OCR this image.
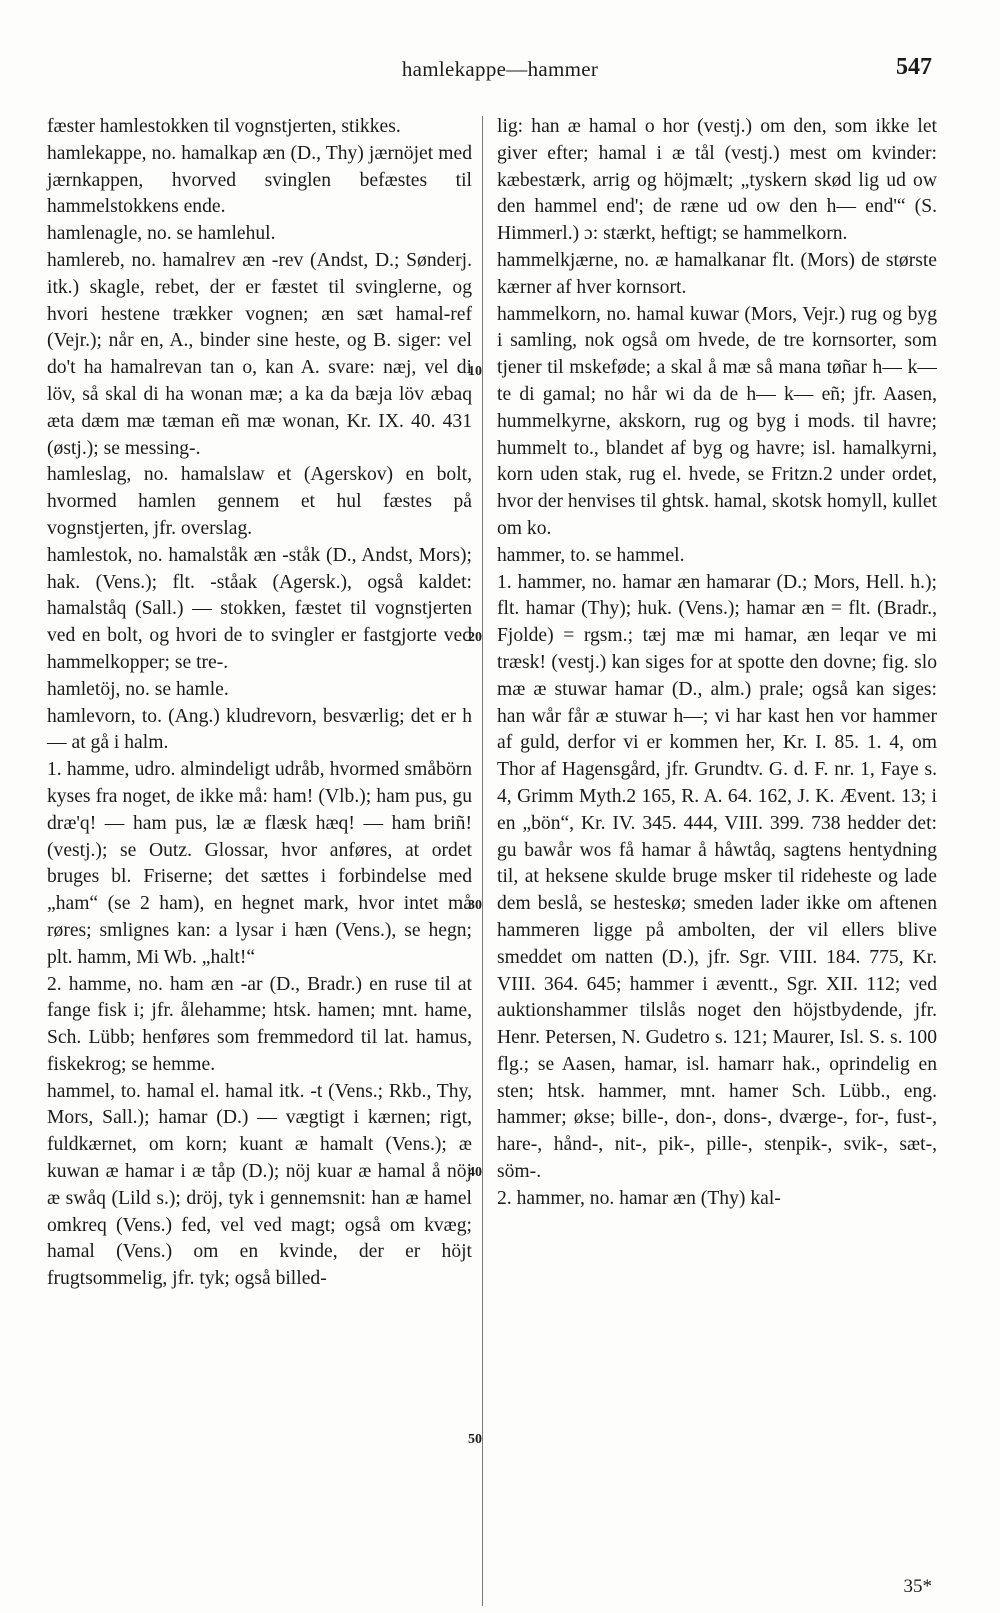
hamlekappe—hammer	547

fæster hamlestokken til vognstjerten, stikkes.

hamlekappe, no. hamalkap æn (D., Thy) jærnöjet med jærnkappen, hvorved svinglen befæstes til hammelstokkens ende.

hamlenagle, no. se hamlehul.

hamlereb, no. hamalrev æn -rev (Andst, D.; Sønderj. itk.) skagle, rebet, der er fæstet til svinglerne, og hvori hestene trækker vognen; æn sæt hamal-ref (Vejr.); når en, A., binder sine heste, og B. siger: vel do't ha hamalrevan tan o, kan A. svare: næj, vel di löv, så skal di ha wonan mæ; a ka da bæja löv æbaq æta dæm mæ tæman eñ mæ wonan, Kr. IX. 40. 431 (østj.); se messing-.

hamleslag, no. hamalslaw et (Agerskov) en bolt, hvormed hamlen gennem et hul fæstes på vognstjerten, jfr. overslag.

hamlestok, no. hamalståk æn -ståk (D., Andst, Mors); hak. (Vens.); flt. -ståak (Agersk.), også kaldet: hamalståq (Sall.) — stokken, fæstet til vognstjerten ved en bolt, og hvori de to svingler er fastgjorte ved hammelkopper; se tre-.

hamletöj, no. se hamle.

hamlevorn, to. (Ang.) kludrevorn, besværlig; det er h— at gå i halm.

1. hamme, udro. almindeligt udråb, hvormed småbörn kyses fra noget, de ikke må: ham! (Vlb.); ham pus, gu dræ'q! — ham pus, læ æ flæsk hæq! — ham briñ! (vestj.); se Outz. Glossar, hvor anføres, at ordet bruges bl. Friserne; det sættes i forbindelse med „ham“ (se 2 ham), en hegnet mark, hvor intet må røres; smlignes kan: a lysar i hæn (Vens.), se hegn; plt. hamm, Mi Wb. „halt!“

2. hamme, no. ham æn -ar (D., Bradr.) en ruse til at fange fisk i; jfr. ålehamme; htsk. hamen; mnt. hame, Sch. Lübb; henføres som fremmedord til lat. hamus, fiskekrog; se hemme.

hammel, to. hamal el. hamal itk. -t (Vens.; Rkb., Thy, Mors, Sall.); hamar (D.) — vægtigt i kærnen; rigt, fuldkærnet, om korn; kuant æ hamalt (Vens.); æ kuwan æ hamar i æ tåp (D.); nöj kuar æ hamal å nöj æ swåq (Lild s.); dröj, tyk i gennemsnit: han æ hamel omkreq (Vens.) fed, vel ved magt; også om kvæg; hamal (Vens.) om en kvinde, der er höjt frugtsommelig, jfr. tyk; også billed-

10
20
30
40
50

lig: han æ hamal o hor (vestj.) om den, som ikke let giver efter; hamal i æ tål (vestj.) mest om kvinder: kæbestærk, arrig og höjmælt; „tyskern skød lig ud ow den hammel end'; de ræne ud ow den h— end'“ (S. Himmerl.) ɔ: stærkt, heftigt; se hammelkorn.

hammelkjærne, no. æ hamalkanar flt. (Mors) de største kærner af hver kornsort.

hammelkorn, no. hamal kuwar (Mors, Vejr.) rug og byg i samling, nok også om hvede, de tre kornsorter, som tjener til mskeføde; a skal å mæ så mana tøñar h— k— te di gamal; no hår wi da de h— k— eñ; jfr. Aasen, hummelkyrne, akskorn, rug og byg i mods. til havre; hummelt to., blandet af byg og havre; isl. hamalkyrni, korn uden stak, rug el. hvede, se Fritzn.2 under ordet, hvor der henvises til ghtsk. hamal, skotsk homyll, kullet om ko.

hammer, to. se hammel.

1. hammer, no. hamar æn hamarar (D.; Mors, Hell. h.); flt. hamar (Thy); huk. (Vens.); hamar æn = flt. (Bradr., Fjolde) = rgsm.; tæj mæ mi hamar, æn leqar ve mi træsk! (vestj.) kan siges for at spotte den dovne; fig. slo mæ æ stuwar hamar (D., alm.) prale; også kan siges: han wår får æ stuwar h—; vi har kast hen vor hammer af guld, derfor vi er kommen her, Kr. I. 85. 1. 4, om Thor af Hagensgård, jfr. Grundtv. G. d. F. nr. 1, Faye s. 4, Grimm Myth.2 165, R. A. 64. 162, J. K. Ævent. 13; i en „bön“, Kr. IV. 345. 444, VIII. 399. 738 hedder det: gu bawår wos få hamar å håwtåq, sagtens hentydning til, at heksene skulde bruge msker til rideheste og lade dem beslå, se hesteskø; smeden lader ikke om aftenen hammeren ligge på ambolten, der vil ellers blive smeddet om natten (D.), jfr. Sgr. VIII. 184. 775, Kr. VIII. 364. 645; hammer i æventt., Sgr. XII. 112; ved auktionshammer tilslås noget den höjstbydende, jfr. Henr. Petersen, N. Gudetro s. 121; Maurer, Isl. S. s. 100 flg.; se Aasen, hamar, isl. hamarr hak., oprindelig en sten; htsk. hammer, mnt. hamer Sch. Lübb., eng. hammer; økse; bille-, don-, dons-, dværge-, for-, fust-, hare-, hånd-, nit-, pik-, pille-, stenpik-, svik-, sæt-, söm-.

2. hammer, no. hamar æn (Thy) kal-

35*
